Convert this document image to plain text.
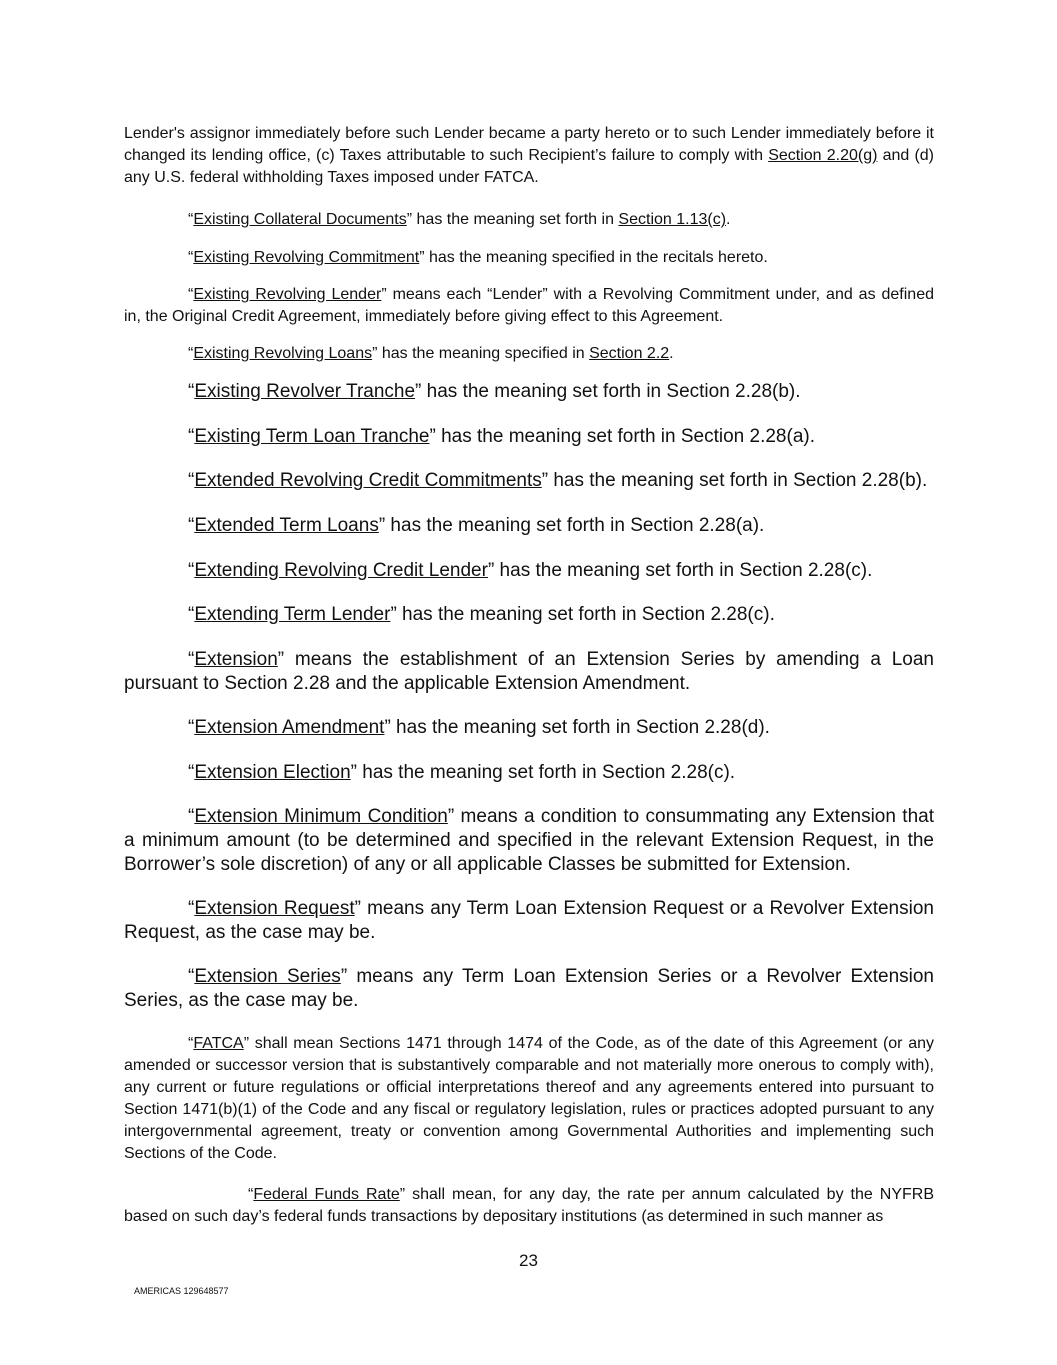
Lender's assignor immediately before such Lender became a party hereto or to such Lender immediately before it changed its lending office, (c) Taxes attributable to such Recipient’s failure to comply with Section 2.20(g) and (d) any U.S. federal withholding Taxes imposed under FATCA.

“Existing Collateral Documents” has the meaning set forth in Section 1.13(c).

“Existing Revolving Commitment” has the meaning specified in the recitals hereto.

“Existing Revolving Lender” means each “Lender” with a Revolving Commitment under, and as defined in, the Original Credit Agreement, immediately before giving effect to this Agreement.

“Existing Revolving Loans” has the meaning specified in Section 2.2.

“Existing Revolver Tranche” has the meaning set forth in Section 2.28(b).

“Existing Term Loan Tranche” has the meaning set forth in Section 2.28(a).

“Extended Revolving Credit Commitments” has the meaning set forth in Section 2.28(b).

“Extended Term Loans” has the meaning set forth in Section 2.28(a).

“Extending Revolving Credit Lender” has the meaning set forth in Section 2.28(c).

“Extending Term Lender” has the meaning set forth in Section 2.28(c).

“Extension” means the establishment of an Extension Series by amending a Loan pursuant to Section 2.28 and the applicable Extension Amendment.

“Extension Amendment” has the meaning set forth in Section 2.28(d).

“Extension Election” has the meaning set forth in Section 2.28(c).

“Extension Minimum Condition” means a condition to consummating any Extension that a minimum amount (to be determined and specified in the relevant Extension Request, in the Borrower’s sole discretion) of any or all applicable Classes be submitted for Extension.

“Extension Request” means any Term Loan Extension Request or a Revolver Extension Request, as the case may be.

“Extension Series” means any Term Loan Extension Series or a Revolver Extension Series, as the case may be.

“FATCA” shall mean Sections 1471 through 1474 of the Code, as of the date of this Agreement (or any amended or successor version that is substantively comparable and not materially more onerous to comply with), any current or future regulations or official interpretations thereof and any agreements entered into pursuant to Section 1471(b)(1) of the Code and any fiscal or regulatory legislation, rules or practices adopted pursuant to any intergovernmental agreement, treaty or convention among Governmental Authorities and implementing such Sections of the Code.

“Federal Funds Rate” shall mean, for any day, the rate per annum calculated by the NYFRB based on such day’s federal funds transactions by depositary institutions (as determined in such manner as

23
AMERICAS 129648577
